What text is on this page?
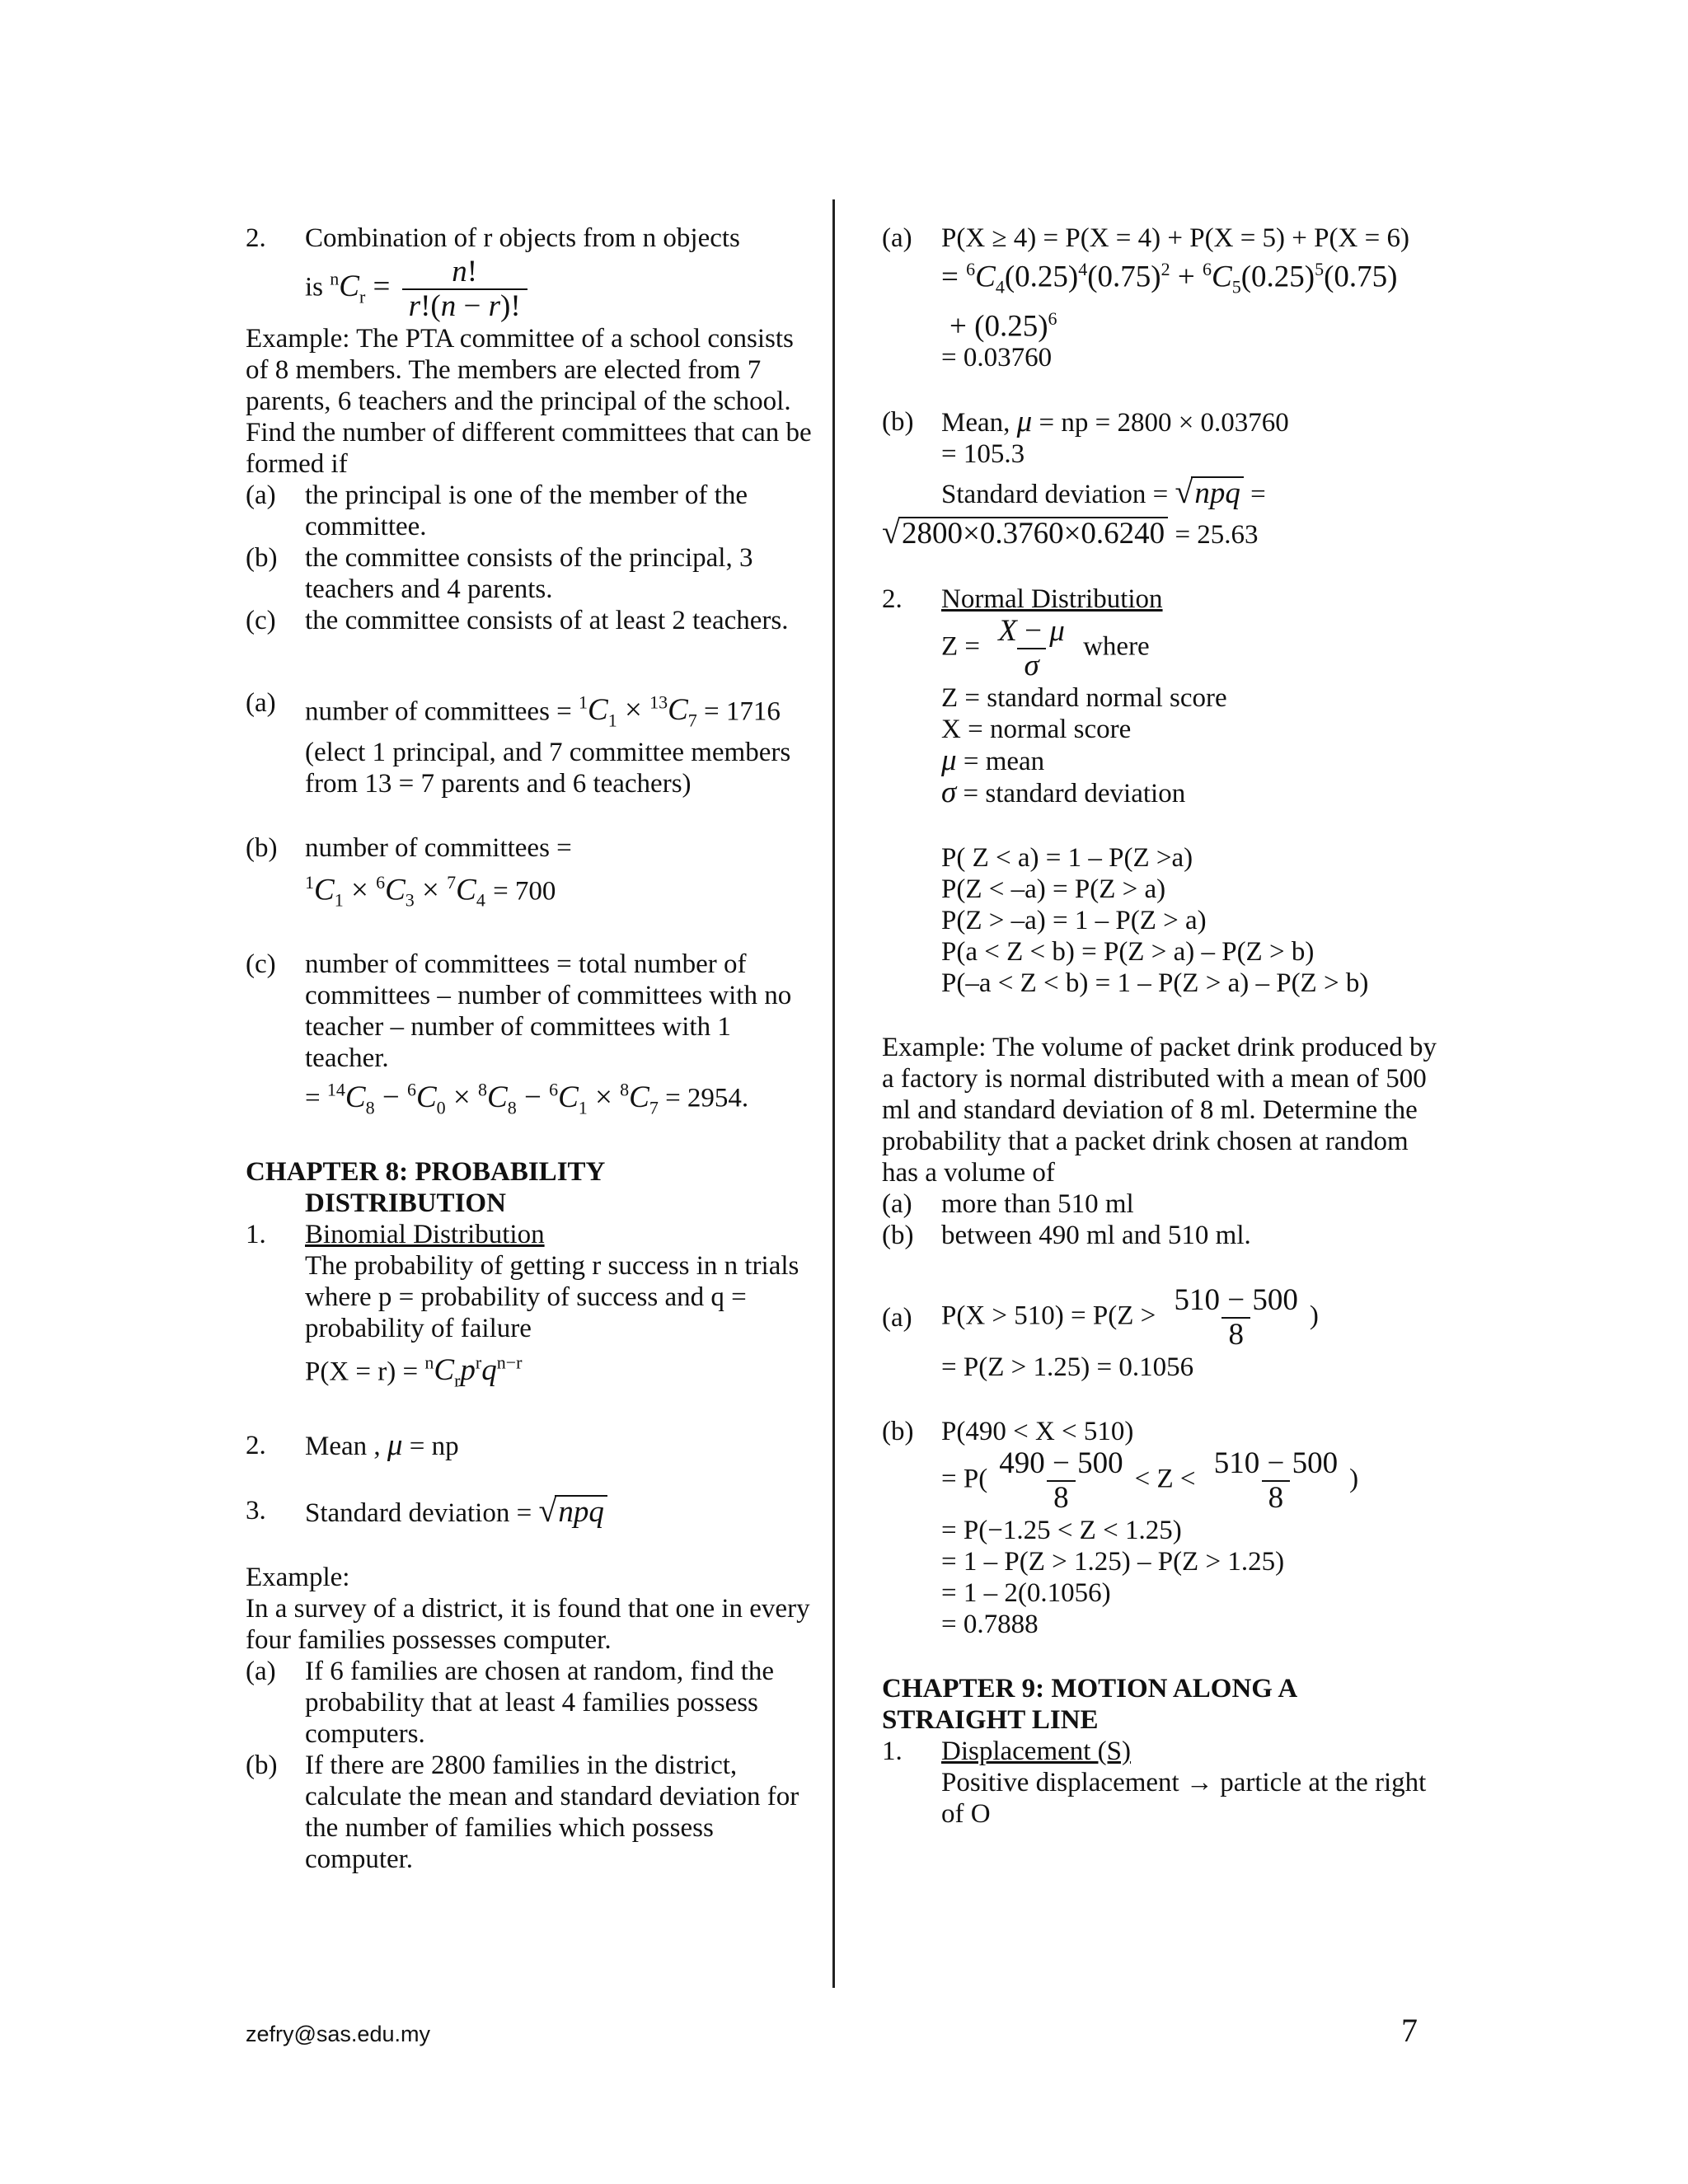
2.	Combination of r objects from n objects
is $^nC_r = \frac{n!}{r!(n - r)!}$
Example: The PTA committee of a school consists of 8 members. The members are elected from 7 parents, 6 teachers and the principal of the school. Find the number of different committees that can be formed if
(a)	the principal is one of the member of the committee.
(b)	the committee consists of the principal, 3 teachers and 4 parents.
(c)	the committee consists of at least 2 teachers.
(a)	number of committees = $^1C_1 \times ^{13}C_7 = 1716$
(elect 1 principal, and 7 committee members from 13 = 7 parents and 6 teachers)
(b)	number of committees =
$^1C_1 \times ^6C_3 \times ^7C_4 = 700$
(c)	number of committees = total number of committees – number of committees with no teacher – number of committees with 1 teacher.
= $^{14}C_8 - ^6C_0 \times ^8C_8 - ^6C_1 \times ^8C_7 = 2954$.
CHAPTER 8: PROBABILITY
DISTRIBUTION
1.	Binomial Distribution
The probability of getting r success in n trials where p = probability of success and q = probability of failure
$P(X = r) = ^nC_rp^rq^{n-r}$
2.	Mean , μ = np
3.	Standard deviation = √npq
Example:
In a survey of a district, it is found that one in every four families possesses computer.
(a)	If 6 families are chosen at random, find the probability that at least 4 families possess computers.
(b)	If there are 2800 families in the district, calculate the mean and standard deviation for the number of families which possess computer.
(a)	P(X ≥ 4) = P(X = 4) + P(X = 5) + P(X = 6)
= $^6C_4(0.25)^4(0.75)^2 + ^6C_5(0.25)^5(0.75)$
+ $(0.25)^6$
= 0.03760
(b)	Mean, μ = np = 2800 × 0.03760
= 105.3
Standard deviation = √npq =
√2800×0.3760×0.6240 = 25.63
2.	Normal Distribution
$Z = \frac{X - \mu}{\sigma}$ where
Z = standard normal score
X = normal score
μ = mean
σ = standard deviation
P( Z < a) = 1 – P(Z >a)
P(Z < –a) = P(Z > a)
P(Z > –a) = 1 – P(Z > a)
P(a < Z < b) = P(Z > a) – P(Z > b)
P(–a < Z < b) = 1 – P(Z > a) – P(Z > b)
Example: The volume of packet drink produced by a factory is normal distributed with a mean of 500 ml and standard deviation of 8 ml. Determine the probability that a packet drink chosen at random has a volume of
(a)	more than 510 ml
(b)	between 490 ml and 510 ml.
(a)	$P(X > 510) = P(Z > \frac{510 - 500}{8}$ )
= P(Z > 1.25) = 0.1056
(b)	P(490 < X < 510)
= $P( \frac{490 - 500}{8} < Z < \frac{510 - 500}{8}$ )
= P(−1.25 < Z < 1.25)
= 1 – P(Z > 1.25) – P(Z > 1.25)
= 1 – 2(0.1056)
= 0.7888
CHAPTER 9: MOTION ALONG A
STRAIGHT LINE
1.	Displacement (S)
Positive displacement → particle at the right of O
zefry@sas.edu.my	7
